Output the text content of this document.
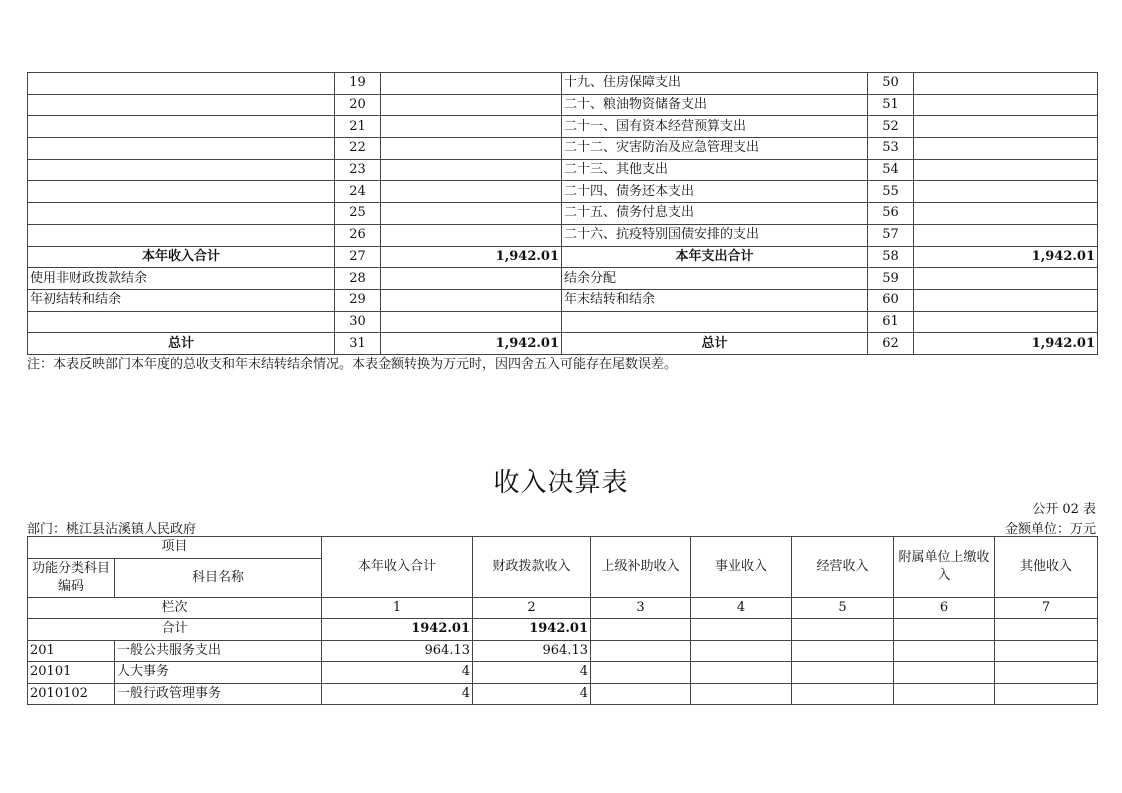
	19		十九、住房保障支出	50	
	20		二十、粮油物资储备支出	51	
	21		二十一、国有资本经营预算支出	52	
	22		二十二、灾害防治及应急管理支出	53	
	23		二十三、其他支出	54	
	24		二十四、债务还本支出	55	
	25		二十五、债务付息支出	56	
	26		二十六、抗疫特别国债安排的支出	57	
本年收入合计	27	1,942.01	本年支出合计	58	1,942.01
使用非财政拨款结余	28		结余分配	59	
年初结转和结余	29		年末结转和结余	60	
	30			61	
总计	31	1,942.01	总计	62	1,942.01
注：本表反映部门本年度的总收支和年末结转结余情况。本表金额转换为万元时，因四舍五入可能存在尾数误差。
收入决算表
公开 02 表
部门：桃江县沾溪镇人民政府	金额单位：万元
项目		本年收入合计	财政拨款收入	上级补助收入	事业收入	经营收入	附属单位上缴收入	其他收入
功能分类科目编码	科目名称							
栏次		1	2	3	4	5	6	7
合计		1942.01	1942.01					
201	一般公共服务支出	964.13	964.13					
20101	人大事务	4	4					
2010102	一般行政管理事务	4	4					
